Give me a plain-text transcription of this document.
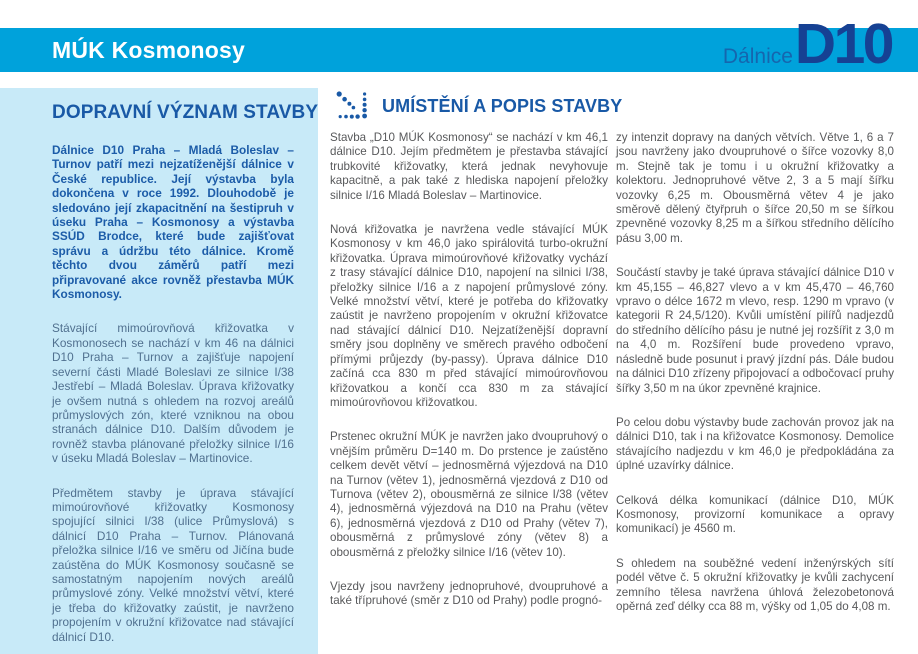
MÚK Kosmonosy	Dálnice D10
DOPRAVNÍ VÝZNAM STAVBY

Dálnice D10 Praha – Mladá Boleslav – Turnov patří mezi nejzatíženější dálnice v České republice. Její výstavba byla dokončena v roce 1992. Dlouhodobě je sledováno její zkapacitnění na šestipruh v úseku Praha – Kosmonosy a výstavba SSÚD Brodce, které bude zajišťovat správu a údržbu této dálnice. Kromě těchto dvou záměrů patří mezi připravované akce rovněž přestavba MÚK Kosmonosy.

Stávající mimoúrovňová křižovatka v Kosmonosech se nachází v km 46 na dálnici D10 Praha – Turnov a zajišťuje napojení severní části Mladé Boleslavi ze silnice I/38 Jestřebí – Mladá Boleslav. Úprava křižovatky je ovšem nutná s ohledem na rozvoj areálů průmyslových zón, které vzniknou na obou stranách dálnice D10. Dalším důvodem je rovněž stavba plánované přeložky silnice I/16 v úseku Mladá Boleslav – Martinovice.

Předmětem stavby je úprava stávající mimoúrovňové křižovatky Kosmonosy spojující silnici I/38 (ulice Průmyslová) s dálnicí D10 Praha – Turnov. Plánovaná přeložka silnice I/16 ve směru od Jičína bude zaústěna do MÚK Kosmonosy současně se samostatným napojením nových areálů průmyslové zóny. Velké množství větví, které je třeba do křižovatky zaústit, je navrženo propojením v okružní křižovatce nad stávající dálnicí D10.

UMÍSTĚNÍ A POPIS STAVBY

Stavba „D10 MÚK Kosmonosy“ se nachází v km 46,1 dálnice D10. Jejím předmětem je přestavba stávající trubkovité křižovatky, která jednak nevyhovuje kapacitně, a pak také z hlediska napojení přeložky silnice I/16 Mladá Boleslav – Martinovice.

Nová křižovatka je navržena vedle stávající MÚK Kosmonosy v km 46,0 jako spirálovitá turbo-okružní křižovatka. Úprava mimoúrovňové křižovatky vychází z trasy stávající dálnice D10, napojení na silnici I/38, přeložky silnice I/16 a z napojení průmyslové zóny. Velké množství větví, které je potřeba do křižovatky zaústit je navrženo propojením v okružní křižovatce nad stávající dálnicí D10. Nejzatíženější dopravní směry jsou doplněny ve směrech pravého odbočení přímými průjezdy (by-passy). Úprava dálnice D10 začíná cca 830 m před stávající mimoúrovňovou křižovatkou a končí cca 830 m za stávající mimoúrovňovou křižovatkou.

Prstenec okružní MÚK je navržen jako dvoupruhový o vnějším průměru D=140 m. Do prstence je zaústěno celkem devět větví – jednosměrná výjezdová na D10 na Turnov (větev 1), jednosměrná vjezdová z D10 od Turnova (větev 2), obousměrná ze silnice I/38 (větev 4), jednosměrná výjezdová na D10 na Prahu (větev 6), jednosměrná vjezdová z D10 od Prahy (větev 7), obousměrná z průmyslové zóny (větev 8) a obousměrná z přeložky silnice I/16 (větev 10).

Vjezdy jsou navrženy jednopruhové, dvoupruhové a také třípruhové (směr z D10 od Prahy) podle prognó-

zy intenzit dopravy na daných větvích. Větve 1, 6 a 7 jsou navrženy jako dvoupruhové o šířce vozovky 8,0 m. Stejně tak je tomu i u okružní křižovatky a kolektoru. Jednopruhové větve 2, 3 a 5 mají šířku vozovky 6,25 m. Obousměrná větev 4 je jako směrově dělený čtyřpruh o šířce 20,50 m se šířkou zpevněné vozovky 8,25 m a šířkou středního dělícího pásu 3,00 m.

Součástí stavby je také úprava stávající dálnice D10 v km 45,155 – 46,827 vlevo a v km 45,470 – 46,760 vpravo o délce 1672 m vlevo, resp. 1290 m vpravo (v kategorii R 24,5/120). Kvůli umístění pilířů nadjezdů do středního dělícího pásu je nutné jej rozšířit z 3,0 m na 4,0 m. Rozšíření bude provedeno vpravo, následně bude posunut i pravý jízdní pás. Dále budou na dálnici D10 zřízeny připojovací a odbočovací pruhy šířky 3,50 m na úkor zpevněné krajnice.

Po celou dobu výstavby bude zachován provoz jak na dálnici D10, tak i na křižovatce Kosmonosy. Demolice stávajícího nadjezdu v km 46,0 je předpokládána za úplné uzavírky dálnice.

Celková délka komunikací (dálnice D10, MÚK Kosmonosy, provizorní komunikace a opravy komunikací) je 4560 m.

S ohledem na souběžné vedení inženýrských sítí podél větve č. 5 okružní křižovatky je kvůli zachycení zemního tělesa navržena úhlová železobetonová opěrná zeď délky cca 88 m, výšky od 1,05 do 4,08 m.
